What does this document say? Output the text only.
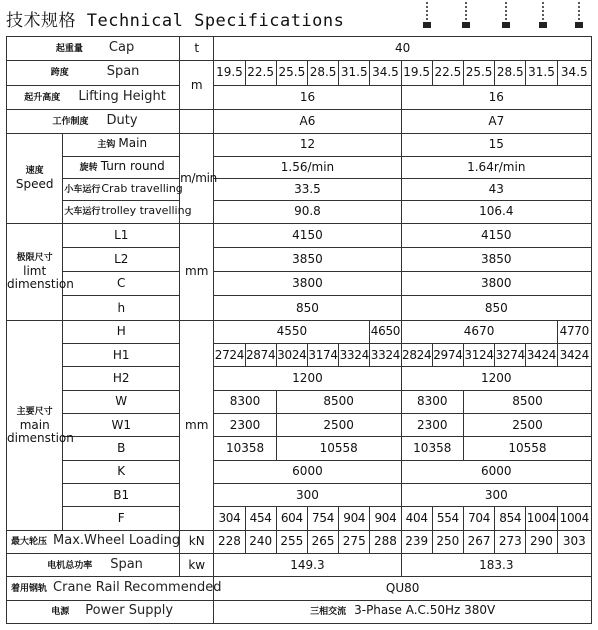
技术规格 Technical Specifications
起重量 Cap		t	40											
跨度 Span		m	19.5	22.5	25.5	28.5	31.5	34.5	19.5	22.5	25.5	28.5	31.5	34.5
起升高度 Lifting Height			16						16					
工作制度 Duty			A6						A7					

速度
Speed	主钩 Main	m/min	12						15					
	旋转 Turn round		1.56/min						1.64r/min					
	小车运行Crab travelling		33.5						43					
	大车运行trolley travelling		90.8						106.4					

极限尺寸
limt
dimenstion	L1	mm	4150						4150					
	L2		3850						3850					
	C		3800						3800					
	h		850						850					

主要尺寸
main
dimenstion	H	mm	4550					4650	4670					4770
	H1		2724	2874	3024	3174	3324	3324	2824	2974	3124	3274	3424	3424
	H2		1200						1200					
	W		8300		8500				8300		8500			
	W1		2300		2500				2300		2500			
	B		10358		10558				10358		10558			
	K		6000						6000					
	B1		300						300					
	F		304	454	604	754	904	904	404	554	704	854	1004	1004
最大轮压 Max.Wheel Loading		kN	228	240	255	265	275	288	239	250	267	273	290	303
电机总功率 Span		kw	149.3						183.3					
着用钢轨 Crane Rail Recommended			QU80											
电源 Power Supply			三相交流 3-Phase A.C.50Hz 380V											
